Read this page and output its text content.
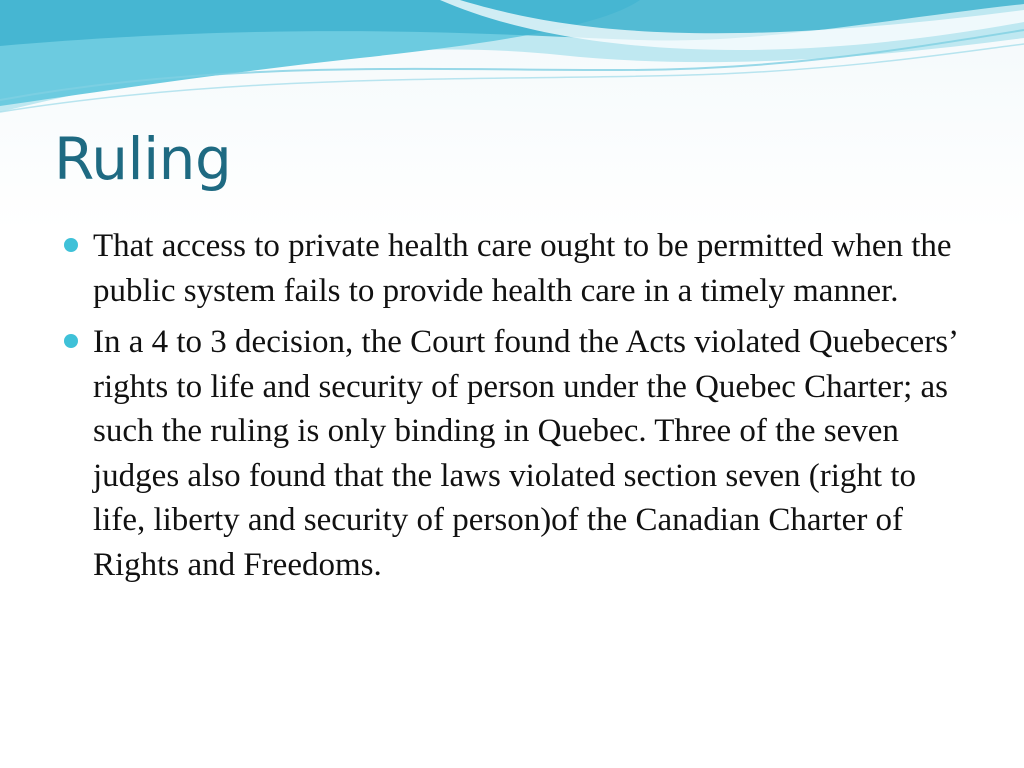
Ruling
That access to private health care ought to be permitted when the public system fails to provide health care in a timely manner.
In a 4 to 3 decision, the Court found the Acts violated Quebecers’ rights to life and security of person under the Quebec Charter; as such the ruling is only binding in Quebec. Three of the seven judges also found that the laws violated section seven (right to life, liberty and security of person)of the Canadian Charter of Rights and Freedoms.
